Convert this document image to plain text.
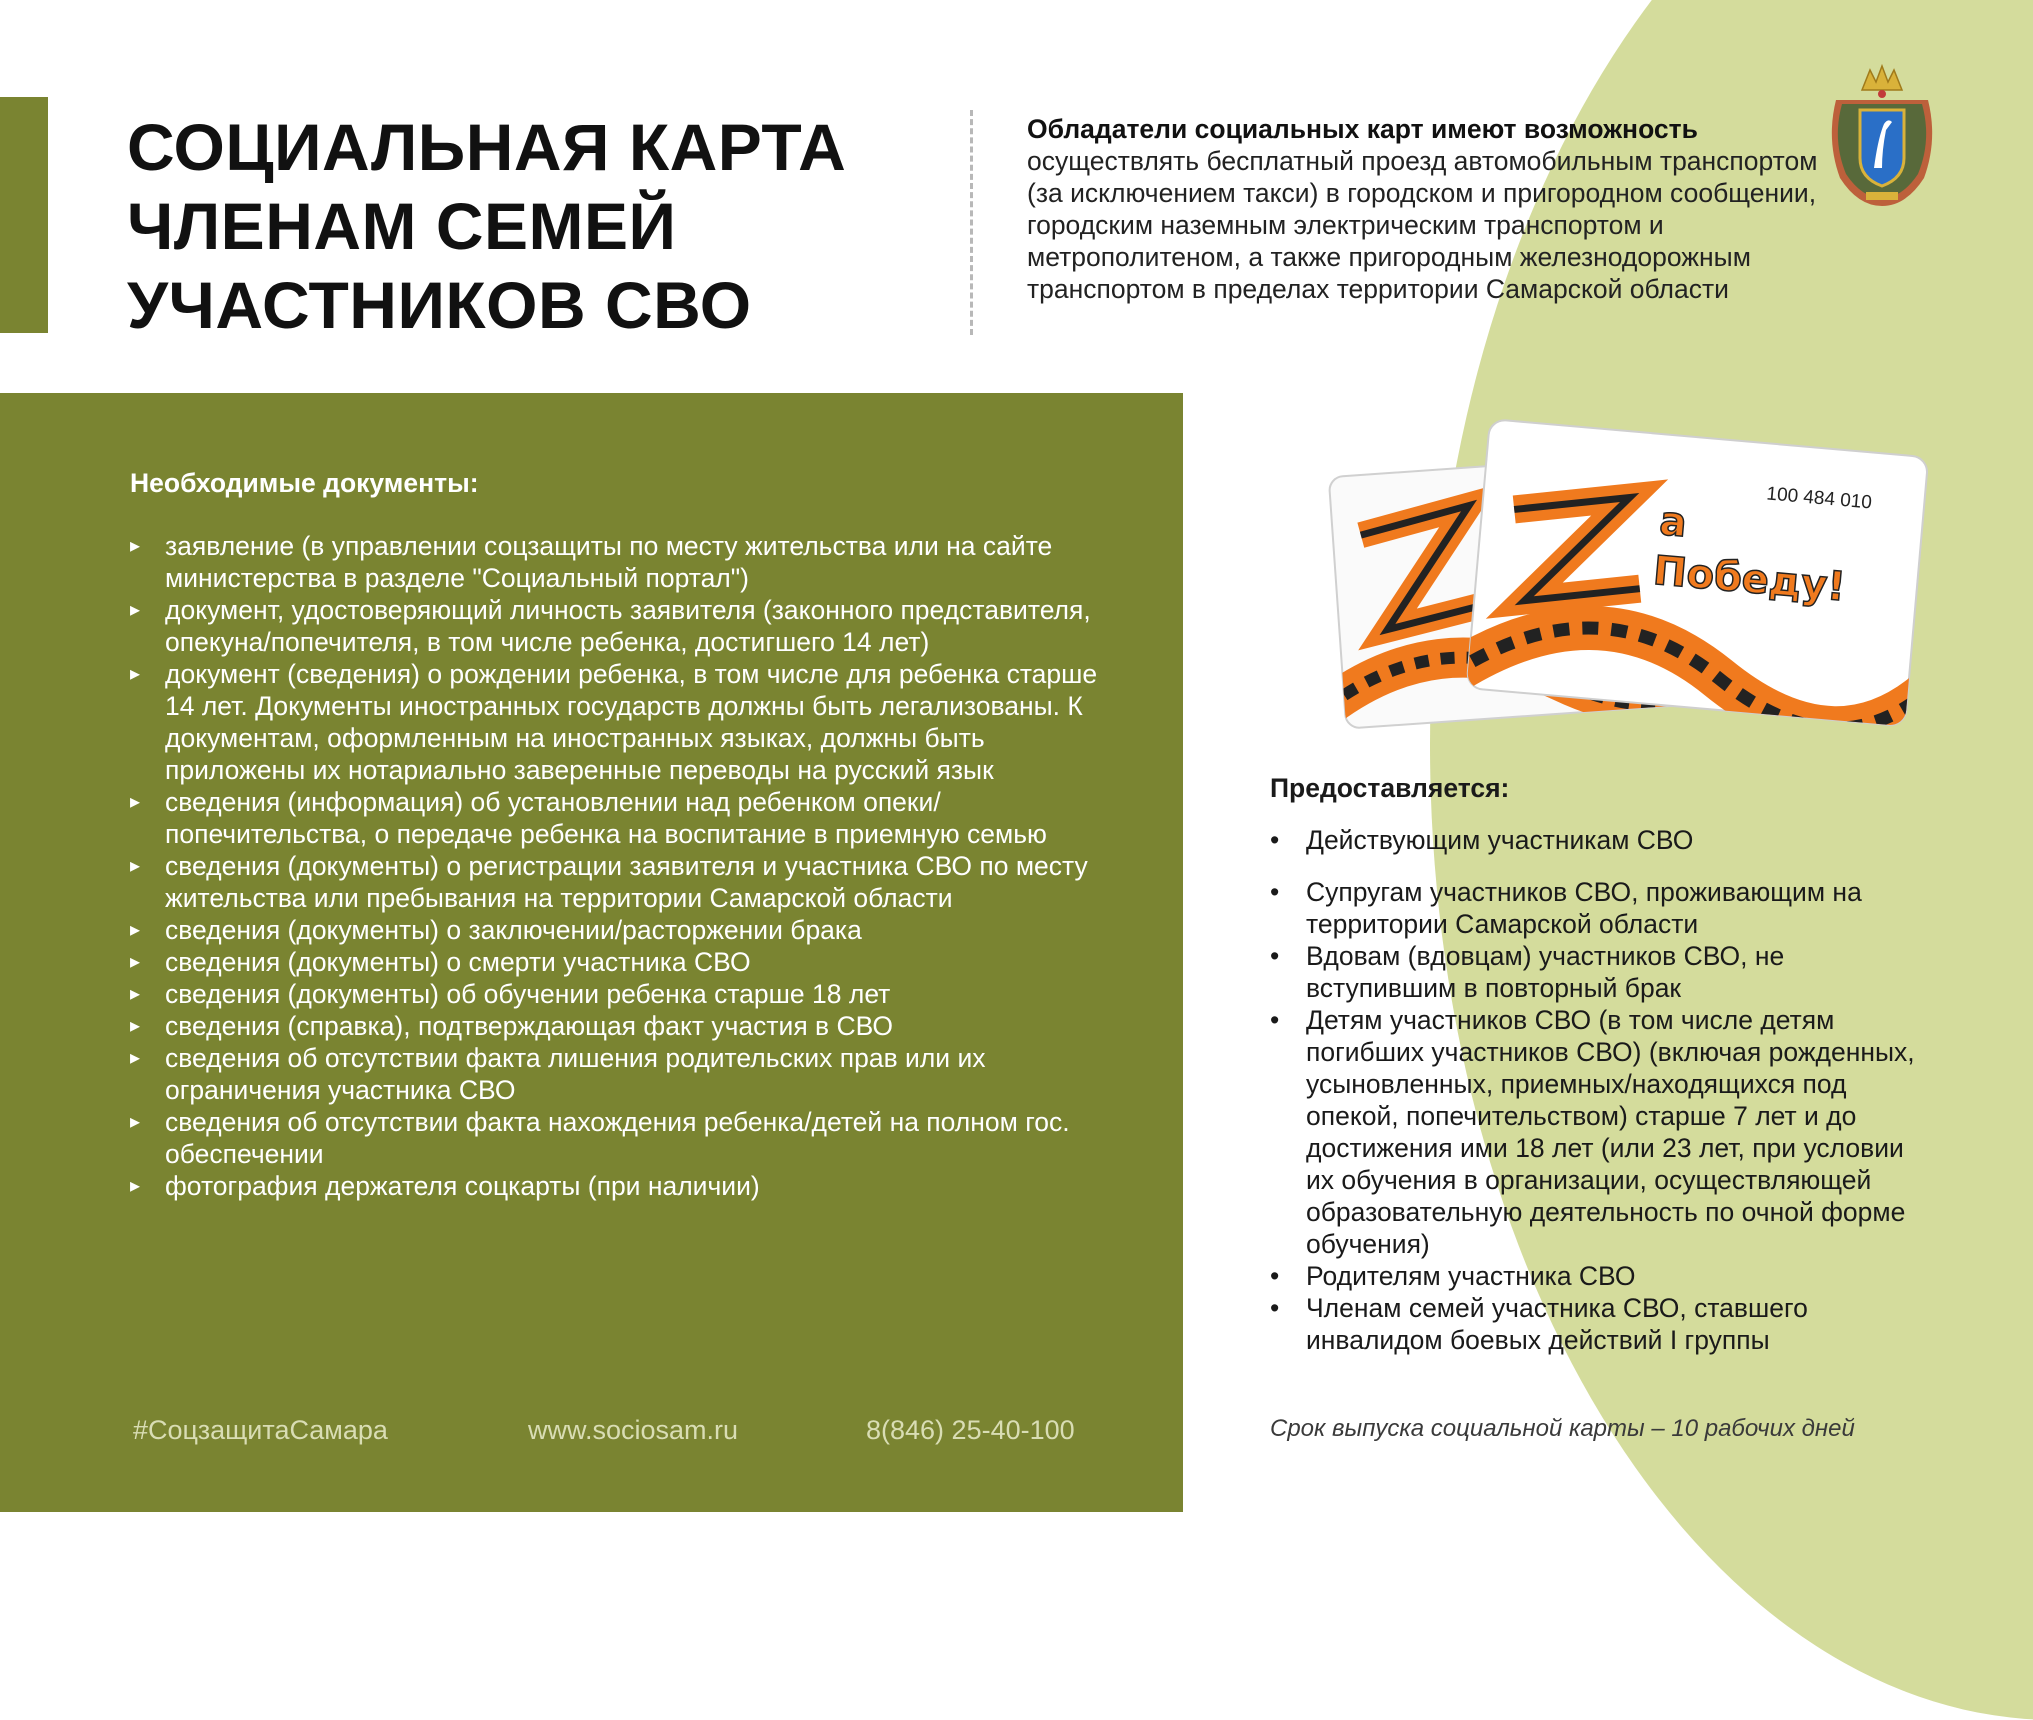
СОЦИАЛЬНАЯ КАРТА
ЧЛЕНАМ СЕМЕЙ
УЧАСТНИКОВ СВО

Обладатели социальных карт имеют возможность
осуществлять бесплатный проезд автомобильным транспортом (за исключением такси) в городском и пригородном сообщении, городским наземным электрическим транспортом и метрополитеном, а также пригородным железнодорожным транспортом в пределах территории Самарской области

Необходимые документы:
▸ заявление (в управлении соцзащиты по месту жительства или на сайте министерства в разделе "Социальный портал")
▸ документ, удостоверяющий личность заявителя (законного представителя, опекуна/попечителя, в том числе ребенка, достигшего 14 лет)
▸ документ (сведения) о рождении ребенка, в том числе для ребенка старше 14 лет. Документы иностранных государств должны быть легализованы. К документам, оформленным на иностранных языках, должны быть приложены их нотариально заверенные переводы на русский язык
▸ сведения (информация) об установлении над ребенком опеки/попечительства, о передаче ребенка на воспитание в приемную семью
▸ сведения (документы) о регистрации заявителя и участника СВО по месту жительства или пребывания на территории Самарской области
▸ сведения (документы) о заключении/расторжении брака
▸ сведения (документы) о смерти участника СВО
▸ сведения (документы) об обучении ребенка старше 18 лет
▸ сведения (справка), подтверждающая факт участия в СВО
▸ сведения об отсутствии факта лишения родительских прав или их ограничения участника СВО
▸ сведения об отсутствии факта нахождения ребенка/детей на полном гос. обеспечении
▸ фотография держателя соцкарты (при наличии)
#СоцзащитаСамара	www.sociosam.ru	8(846) 25-40-100
100 484 010
а
Победу!
Предоставляется:
• Действующим участникам СВО
• Супругам участников СВО, проживающим на территории Самарской области
• Вдовам (вдовцам) участников СВО, не вступившим в повторный брак
• Детям участников СВО (в том числе детям погибших участников СВО) (включая рожденных, усыновленных, приемных/находящихся под опекой, попечительством) старше 7 лет и до достижения ими 18 лет (или 23 лет, при условии их обучения в организации, осуществляющей образовательную деятельность по очной форме обучения)
• Родителям участника СВО
• Членам семей участника СВО, ставшего инвалидом боевых действий I группы

Срок выпуска социальной карты – 10 рабочих дней
